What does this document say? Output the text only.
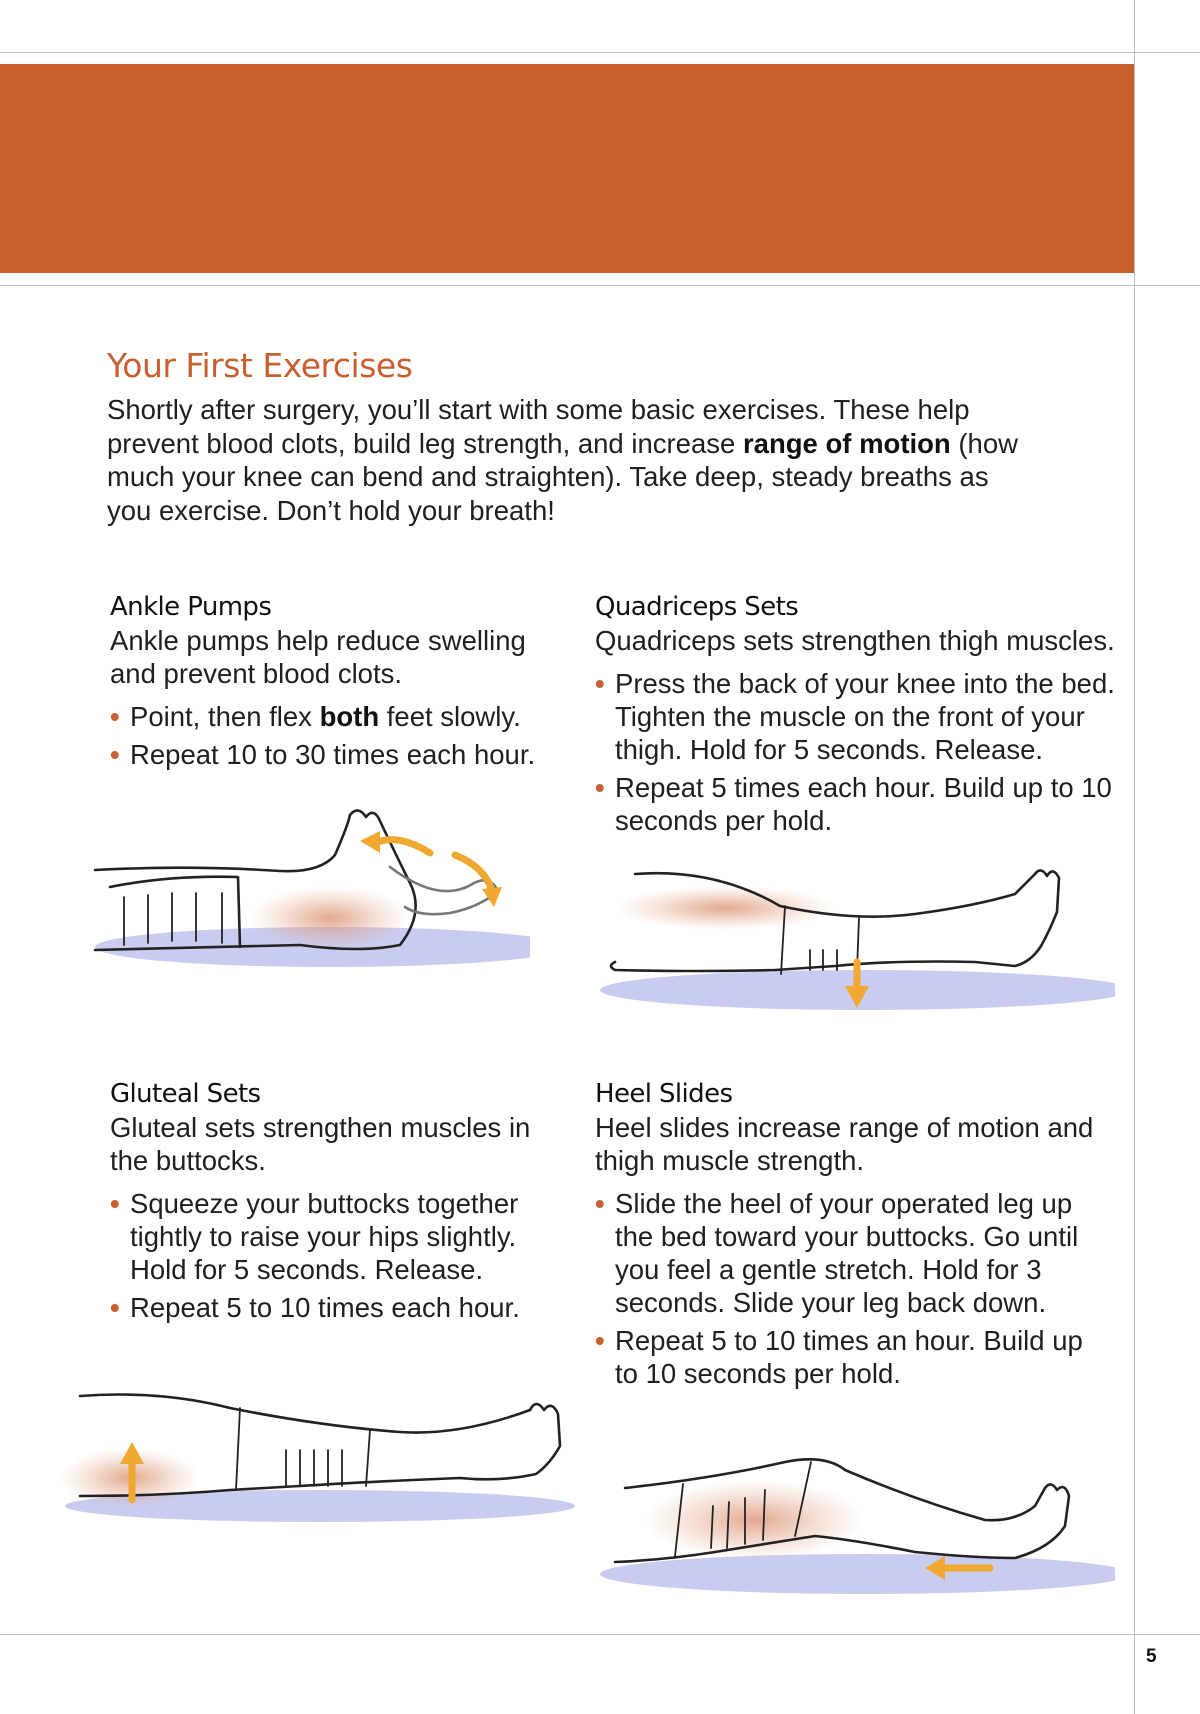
Your First Exercises

Shortly after surgery, you’ll start with some basic exercises. These help prevent blood clots, build leg strength, and increase range of motion (how much your knee can bend and straighten). Take deep, steady breaths as you exercise. Don’t hold your breath!

Ankle Pumps

Ankle pumps help reduce swelling and prevent blood clots.

•
Point, then flex both feet slowly.
•
Repeat 10 to 30 times each hour.
Quadriceps Sets

Quadriceps sets strengthen thigh muscles.

•
Press the back of your knee into the bed. Tighten the muscle on the front of your thigh. Hold for 5 seconds. Release.
•
Repeat 5 times each hour. Build up to 10 seconds per hold.
Gluteal Sets

Gluteal sets strengthen muscles in the buttocks.

•
Squeeze your buttocks together tightly to raise your hips slightly. Hold for 5 seconds. Release.
•
Repeat 5 to 10 times each hour.
Heel Slides

Heel slides increase range of motion and thigh muscle strength.

•
Slide the heel of your operated leg up the bed toward your buttocks. Go until you feel a gentle stretch. Hold for 3 seconds. Slide your leg back down.
•
Repeat 5 to 10 times an hour. Build up to 10 seconds per hold.
5
